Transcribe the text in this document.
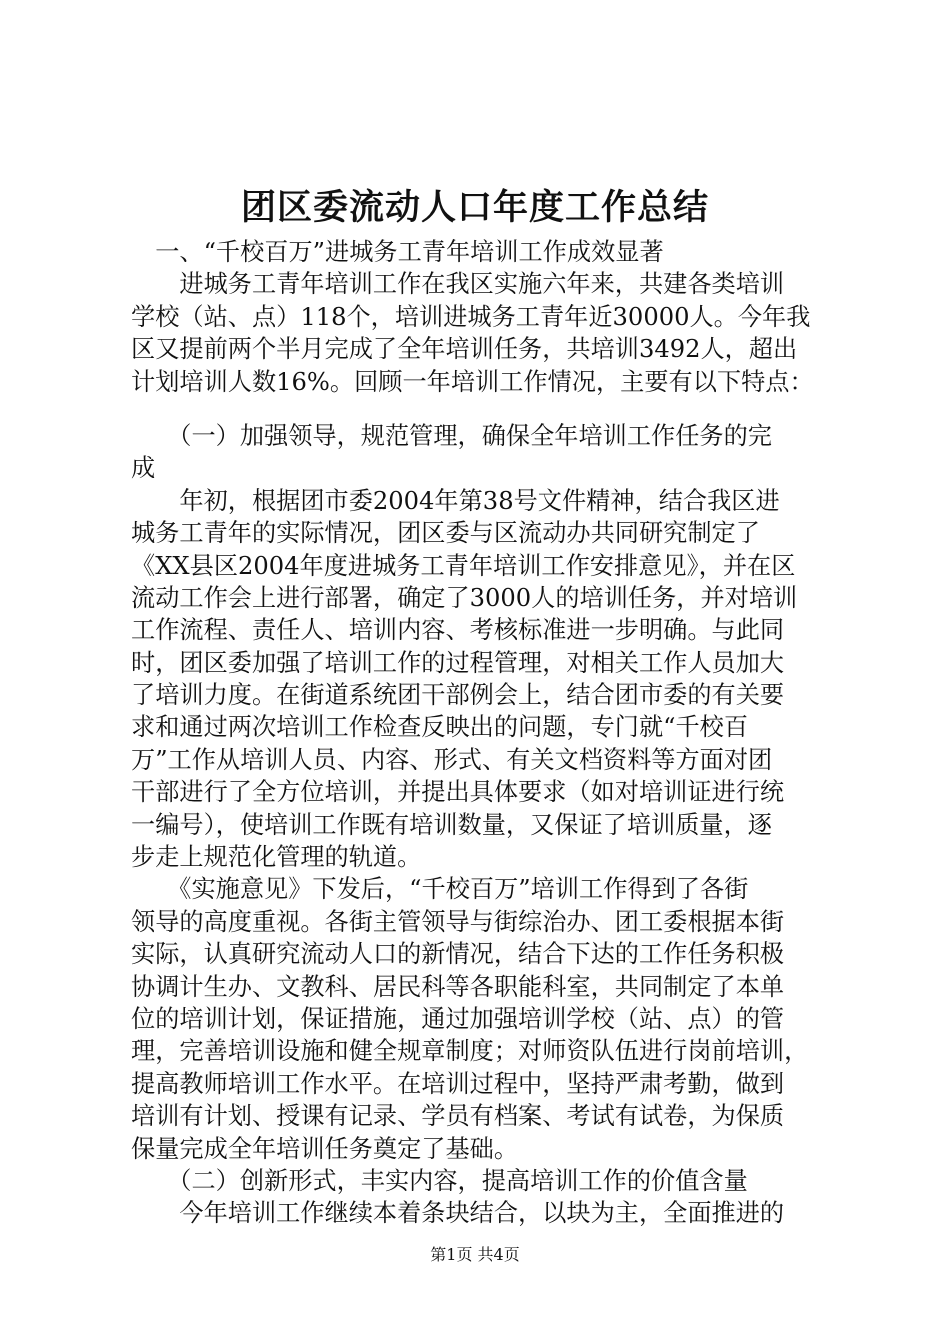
团区委流动人口年度工作总结
　一、“千校百万”进城务工青年培训工作成效显著
　　进城务工青年培训工作在我区实施六年来，共建各类培训
学校（站、点）118个，培训进城务工青年近30000人。今年我
区又提前两个半月完成了全年培训任务，共培训3492人，超出
计划培训人数16%。回顾一年培训工作情况，主要有以下特点：
　　（一）加强领导，规范管理，确保全年培训工作任务的完
成
　　年初，根据团市委2004年第38号文件精神，结合我区进
城务工青年的实际情况，团区委与区流动办共同研究制定了
《XX县区2004年度进城务工青年培训工作安排意见》，并在区
流动工作会上进行部署，确定了3000人的培训任务，并对培训
工作流程、责任人、培训内容、考核标准进一步明确。与此同
时，团区委加强了培训工作的过程管理，对相关工作人员加大
了培训力度。在街道系统团干部例会上，结合团市委的有关要
求和通过两次培训工作检查反映出的问题，专门就“千校百
万”工作从培训人员、内容、形式、有关文档资料等方面对团
干部进行了全方位培训，并提出具体要求（如对培训证进行统
一编号），使培训工作既有培训数量，又保证了培训质量，逐
步走上规范化管理的轨道。
　　《实施意见》下发后，“千校百万”培训工作得到了各街
领导的高度重视。各街主管领导与街综治办、团工委根据本街
实际，认真研究流动人口的新情况，结合下达的工作任务积极
协调计生办、文教科、居民科等各职能科室，共同制定了本单
位的培训计划，保证措施，通过加强培训学校（站、点）的管
理，完善培训设施和健全规章制度；对师资队伍进行岗前培训，
提高教师培训工作水平。在培训过程中，坚持严肃考勤，做到
培训有计划、授课有记录、学员有档案、考试有试卷，为保质
保量完成全年培训任务奠定了基础。
　　（二）创新形式，丰实内容，提高培训工作的价值含量
　　今年培训工作继续本着条块结合，以块为主，全面推进的
第1页 共4页
